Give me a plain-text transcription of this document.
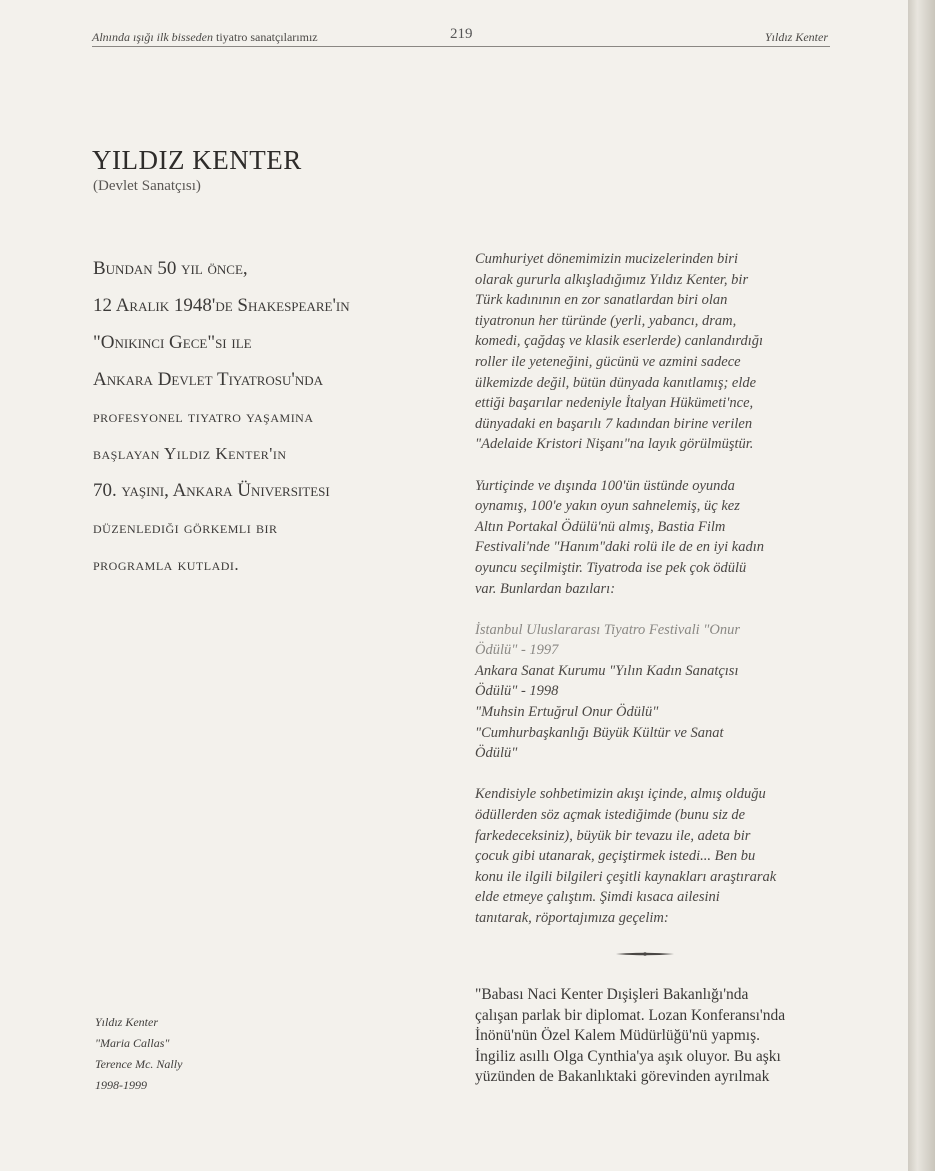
Alnında ışığı ilk bisseden tiyatro sanatçılarımız	219	Yıldız Kenter
YILDIZ KENTER
(Devlet Sanatçısı)
Bundan 50 yıl önce,
12 Aralık 1948'de Shakespeare'in
"Onikinci Gece"si ile
Ankara Devlet Tiyatrosu'nda
profesyonel tiyatro yaşamına
başlayan Yıldız Kenter'in
70. yaşını, Ankara Üniversitesi
düzenlediği görkemli bir
programla kutladı.

Cumhuriyet dönemimizin mucizelerinden biri
olarak gururla alkışladığımız Yıldız Kenter, bir
Türk kadınının en zor sanatlardan biri olan
tiyatronun her türünde (yerli, yabancı, dram,
komedi, çağdaş ve klasik eserlerde) canlandırdığı
roller ile yeteneğini, gücünü ve azmini sadece
ülkemizde değil, bütün dünyada kanıtlamış; elde
ettiği başarılar nedeniyle İtalyan Hükümeti'nce,
dünyadaki en başarılı 7 kadından birine verilen
"Adelaide Kristori Nişanı"na layık görülmüştür.

Yurtiçinde ve dışında 100'ün üstünde oyunda
oynamış, 100'e yakın oyun sahnelemiş, üç kez
Altın Portakal Ödülü'nü almış, Bastia Film
Festivali'nde "Hanım"daki rolü ile de en iyi kadın
oyuncu seçilmiştir. Tiyatroda ise pek çok ödülü
var. Bunlardan bazıları:

İstanbul Uluslararası Tiyatro Festivali "Onur
Ödülü" - 1997
Ankara Sanat Kurumu "Yılın Kadın Sanatçısı
Ödülü" - 1998
"Muhsin Ertuğrul Onur Ödülü"
"Cumhurbaşkanlığı Büyük Kültür ve Sanat
Ödülü"

Kendisiyle sohbetimizin akışı içinde, almış olduğu
ödüllerden söz açmak istediğimde (bunu siz de
farkedeceksiniz), büyük bir tevazu ile, adeta bir
çocuk gibi utanarak, geçiştirmek istedi... Ben bu
konu ile ilgili bilgileri çeşitli kaynakları araştırarak
elde etmeye çalıştım. Şimdi kısaca ailesini
tanıtarak, röportajımıza geçelim:

"Babası Naci Kenter Dışişleri Bakanlığı'nda
çalışan parlak bir diplomat. Lozan Konferansı'nda
İnönü'nün Özel Kalem Müdürlüğü'nü yapmış.
İngiliz asıllı Olga Cynthia'ya aşık oluyor. Bu aşkı
yüzünden de Bakanlıktaki görevinden ayrılmak
Yıldız Kenter
"Maria Callas"
Terence Mc. Nally
1998-1999
